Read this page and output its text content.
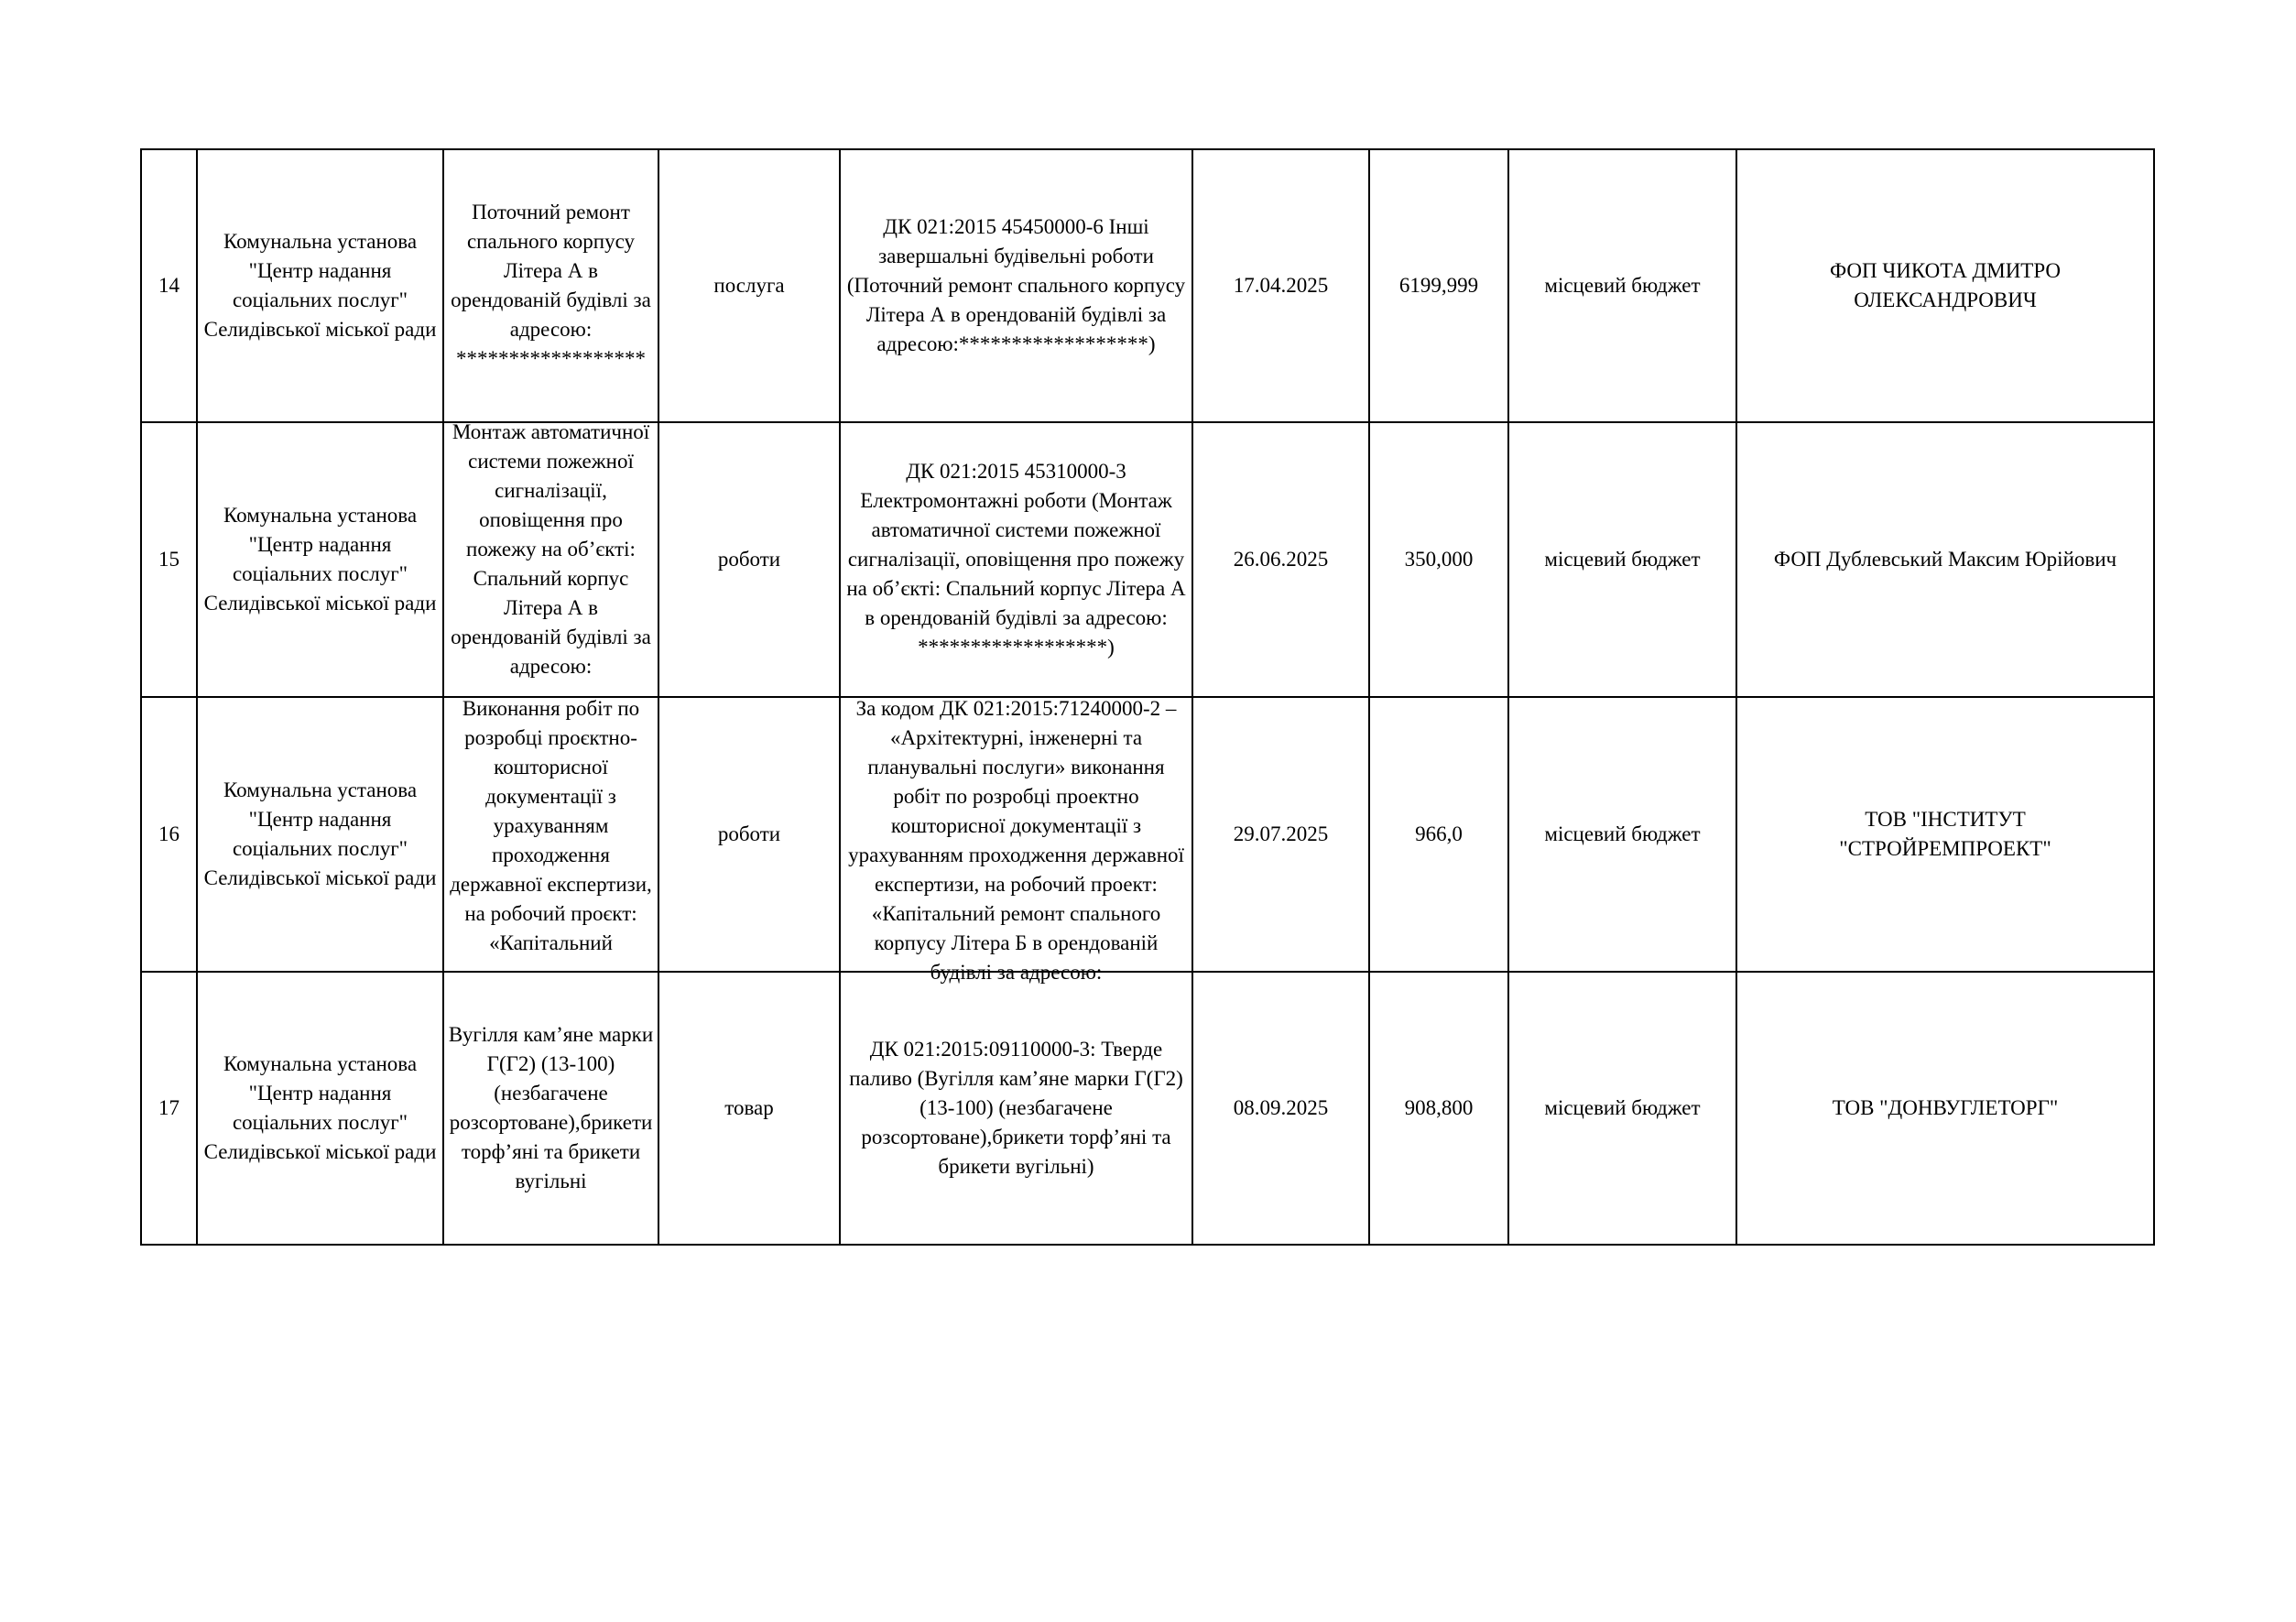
14	Комунальна установа "Центр надання соціальних послуг" Селидівської міської ради	Поточний ремонт спального корпусу Літера А в орендованій будівлі за адресою: ******************	послуга	ДК 021:2015 45450000-6 Інші завершальні будівельні роботи (Поточний ремонт спального корпусу Літера А в орендованій будівлі за адресою:******************)	17.04.2025	6199,999	місцевий бюджет	ФОП ЧИКОТА ДМИТРО ОЛЕКСАНДРОВИЧ

15	Комунальна установа "Центр надання соціальних послуг" Селидівської міської ради	Монтаж автоматичної системи пожежної сигналізації, оповіщення про пожежу на об’єкті: Спальний корпус Літера А в орендованій будівлі за адресою:	роботи	ДК 021:2015 45310000-3 Електромонтажні роботи (Монтаж автоматичної системи пожежної сигналізації, оповіщення про пожежу на об’єкті: Спальний корпус Літера А в орендованій будівлі за адресою: ******************)	26.06.2025	350,000	місцевий бюджет	ФОП Дублевський Максим Юрійович

16	Комунальна установа "Центр надання соціальних послуг" Селидівської міської ради	Виконання робіт по розробці проєктно-кошторисної документації з урахуванням проходження державної експертизи, на робочий проєкт: «Капітальний	роботи	За кодом ДК 021:2015:71240000-2 – «Архітектурні, інженерні та планувальні послуги» виконання робіт по розробці проектно кошторисної документації з урахуванням проходження державної експертизи, на робочий проект: «Капітальний ремонт спального корпусу Літера Б в орендованій будівлі за адресою:	29.07.2025	966,0	місцевий бюджет	ТОВ "ІНСТИТУТ "СТРОЙРЕМПРОЕКТ"

17	Комунальна установа "Центр надання соціальних послуг" Селидівської міської ради	Вугілля кам’яне марки Г(Г2) (13-100) (незбагачене розсортоване),брикети торф’яні та брикети вугільні	товар	ДК 021:2015:09110000-3: Тверде паливо (Вугілля кам’яне марки Г(Г2) (13-100) (незбагачене розсортоване),брикети торф’яні та брикети вугільні)	08.09.2025	908,800	місцевий бюджет	ТОВ "ДОНВУГЛЕТОРГ"
